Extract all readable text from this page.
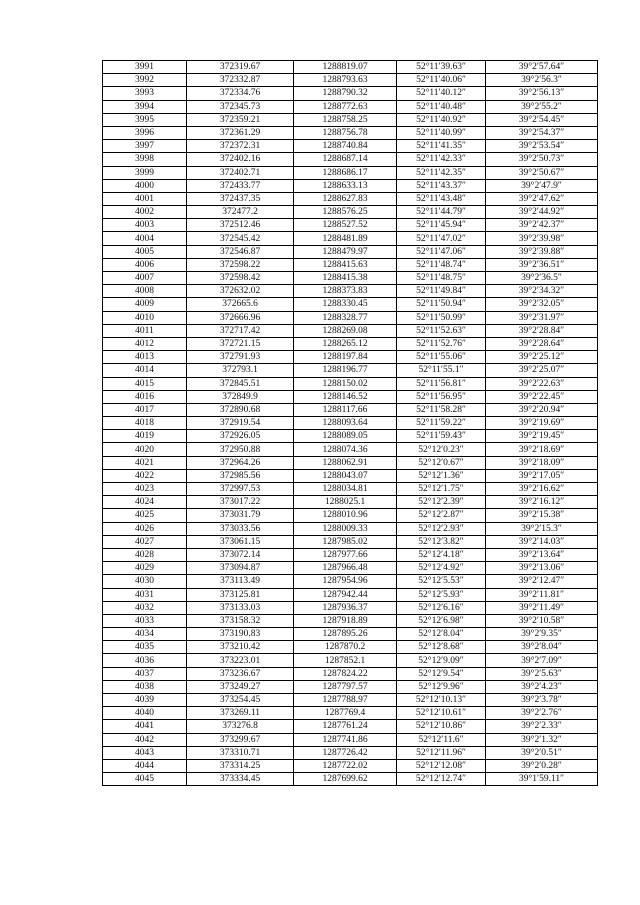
3991	372319.67	1288819.07	52°11′39.63″	39°2′57.64″
3992	372332.87	1288793.63	52°11′40.06″	39°2′56.3″
3993	372334.76	1288790.32	52°11′40.12″	39°2′56.13″
3994	372345.73	1288772.63	52°11′40.48″	39°2′55.2″
3995	372359.21	1288758.25	52°11′40.92″	39°2′54.45″
3996	372361.29	1288756.78	52°11′40.99″	39°2′54.37″
3997	372372.31	1288740.84	52°11′41.35″	39°2′53.54″
3998	372402.16	1288687.14	52°11′42.33″	39°2′50.73″
3999	372402.71	1288686.17	52°11′42.35″	39°2′50.67″
4000	372433.77	1288633.13	52°11′43.37″	39°2′47.9″
4001	372437.35	1288627.83	52°11′43.48″	39°2′47.62″
4002	372477.2	1288576.25	52°11′44.79″	39°2′44.92″
4003	372512.46	1288527.52	52°11′45.94″	39°2′42.37″
4004	372545.42	1288481.89	52°11′47.02″	39°2′39.98″
4005	372546.87	1288479.97	52°11′47.06″	39°2′39.88″
4006	372598.22	1288415.63	52°11′48.74″	39°2′36.51″
4007	372598.42	1288415.38	52°11′48.75″	39°2′36.5″
4008	372632.02	1288373.83	52°11′49.84″	39°2′34.32″
4009	372665.6	1288330.45	52°11′50.94″	39°2′32.05″
4010	372666.96	1288328.77	52°11′50.99″	39°2′31.97″
4011	372717.42	1288269.08	52°11′52.63″	39°2′28.84″
4012	372721.15	1288265.12	52°11′52.76″	39°2′28.64″
4013	372791.93	1288197.84	52°11′55.06″	39°2′25.12″
4014	372793.1	1288196.77	52°11′55.1″	39°2′25.07″
4015	372845.51	1288150.02	52°11′56.81″	39°2′22.63″
4016	372849.9	1288146.52	52°11′56.95″	39°2′22.45″
4017	372890.68	1288117.66	52°11′58.28″	39°2′20.94″
4018	372919.54	1288093.64	52°11′59.22″	39°2′19.69″
4019	372926.05	1288089.05	52°11′59.43″	39°2′19.45″
4020	372950.88	1288074.36	52°12′0.23″	39°2′18.69″
4021	372964.26	1288062.91	52°12′0.67″	39°2′18.09″
4022	372985.56	1288043.07	52°12′1.36″	39°2′17.05″
4023	372997.53	1288034.81	52°12′1.75″	39°2′16.62″
4024	373017.22	1288025.1	52°12′2.39″	39°2′16.12″
4025	373031.79	1288010.96	52°12′2.87″	39°2′15.38″
4026	373033.56	1288009.33	52°12′2.93″	39°2′15.3″
4027	373061.15	1287985.02	52°12′3.82″	39°2′14.03″
4028	373072.14	1287977.66	52°12′4.18″	39°2′13.64″
4029	373094.87	1287966.48	52°12′4.92″	39°2′13.06″
4030	373113.49	1287954.96	52°12′5.53″	39°2′12.47″
4031	373125.81	1287942.44	52°12′5.93″	39°2′11.81″
4032	373133.03	1287936.37	52°12′6.16″	39°2′11.49″
4033	373158.32	1287918.89	52°12′6.98″	39°2′10.58″
4034	373190.83	1287895.26	52°12′8.04″	39°2′9.35″
4035	373210.42	1287870.2	52°12′8.68″	39°2′8.04″
4036	373223.01	1287852.1	52°12′9.09″	39°2′7.09″
4037	373236.67	1287824.22	52°12′9.54″	39°2′5.63″
4038	373249.27	1287797.57	52°12′9.96″	39°2′4.23″
4039	373254.45	1287788.97	52°12′10.13″	39°2′3.78″
4040	373269.11	1287769.4	52°12′10.61″	39°2′2.76″
4041	373276.8	1287761.24	52°12′10.86″	39°2′2.33″
4042	373299.67	1287741.86	52°12′11.6″	39°2′1.32″
4043	373310.71	1287726.42	52°12′11.96″	39°2′0.51″
4044	373314.25	1287722.02	52°12′12.08″	39°2′0.28″
4045	373334.45	1287699.62	52°12′12.74″	39°1′59.11″
